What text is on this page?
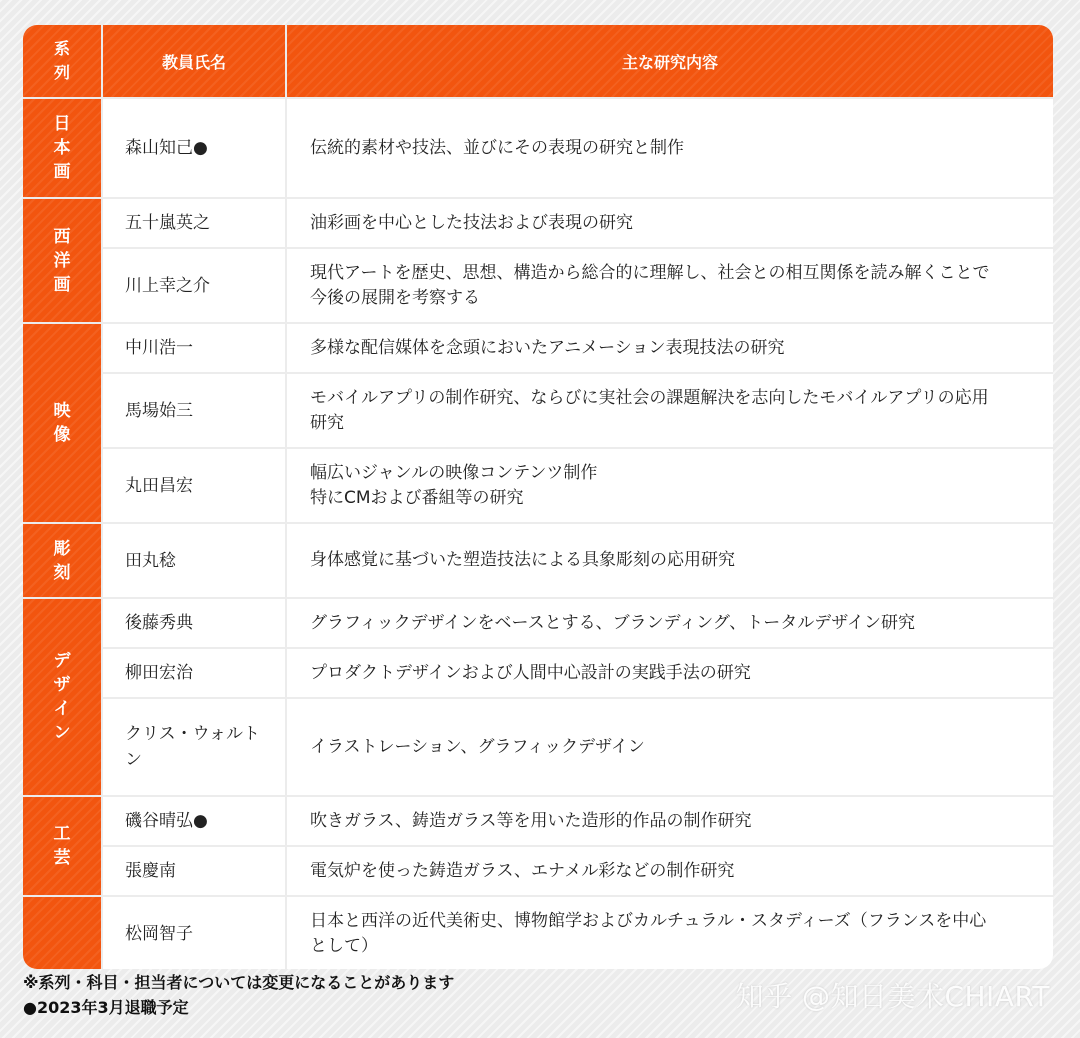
系列	教員氏名	主な研究内容
日本画	森山知己●	伝統的素材や技法、並びにその表現の研究と制作
西洋画	五十嵐英之	油彩画を中心とした技法および表現の研究
	川上幸之介	現代アートを歴史、思想、構造から総合的に理解し、社会との相互関係を読み解くことで
今後の展開を考察する
映像	中川浩一	多様な配信媒体を念頭においたアニメーション表現技法の研究
	馬場始三	モバイルアプリの制作研究、ならびに実社会の課題解決を志向したモバイルアプリの応用
研究
	丸田昌宏	幅広いジャンルの映像コンテンツ制作
特にCMおよび番組等の研究
彫刻	田丸稔	身体感覚に基づいた塑造技法による具象彫刻の応用研究
デザイン	後藤秀典	グラフィックデザインをベースとする、ブランディング、トータルデザイン研究
	柳田宏治	プロダクトデザインおよび人間中心設計の実践手法の研究
	クリス・ウォルトン	イラストレーション、グラフィックデザイン
工芸	磯谷晴弘●	吹きガラス、鋳造ガラス等を用いた造形的作品の制作研究
	張慶南	電気炉を使った鋳造ガラス、エナメル彩などの制作研究
	松岡智子	日本と西洋の近代美術史、博物館学およびカルチュラル・スタディーズ（フランスを中心
として）
※系列・科目・担当者については変更になることがあります
●2023年3月退職予定	知乎 @知日美术CHIART
